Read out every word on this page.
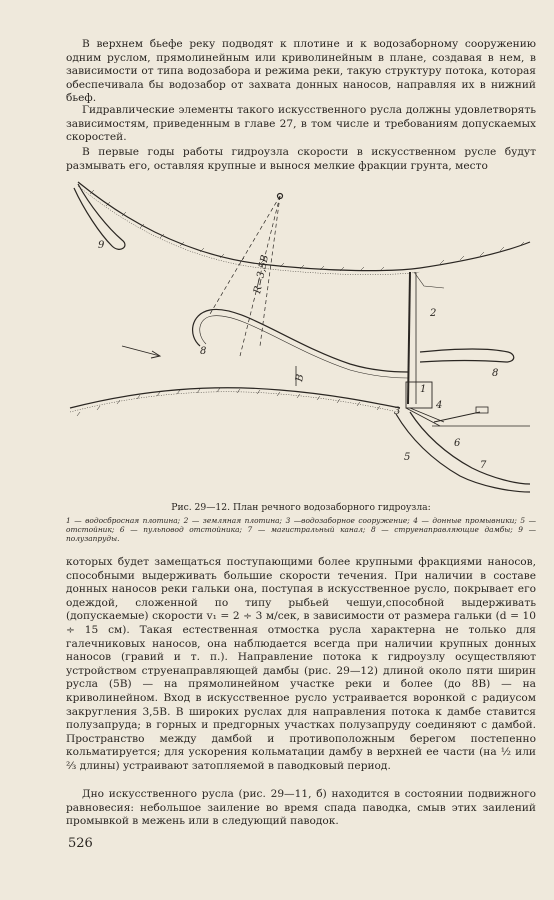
В верхнем бьефе реку подводят к плотине и к водозаборному сооружению одним руслом, прямолинейным или криволинейным в плане, создавая в нем, в зависимости от типа водозабора и режима реки, такую структуру потока, которая обеспечивала бы водозабор от захвата донных наносов, направляя их в нижний бьеф.

Гидравлические элементы такого искусственного русла должны удовлетворять зависимостям, приведенным в главе 27, в том числе и требованиям допускаемых скоростей.

В первые годы работы гидроузла скорости в искусственном русле будут размывать его, оставляя крупные и вынося мелкие фракции грунта, место

R=3,5B
B
1
2
3
4
5
6
7
8
8
9

Рис. 29—12. План речного водозаборного гидроузла:

1 — водосбросная плотина; 2 — земляная плотина; 3 —водозаборное сооружение; 4 — донные промывники; 5 —отстойник; 6 — пульповод отстойника; 7 — магистральный канал; 8 — струенаправляющие дамбы; 9 — полузапруды.

которых будет замещаться поступающими более крупными фракциями наносов, способными выдерживать большие скорости течения. При наличии в составе донных наносов реки гальки она, поступая в искусственное русло, покрывает его одеждой, сложенной по типу рыбьей чешуи,способной выдерживать (допускаемые) скорости v₁ = 2 ÷ 3 м/сек, в зависимости от размера гальки (d = 10 ÷ 15 см). Такая естественная отмостка русла характерна не только для галечниковых наносов, она наблюдается всегда при наличии крупных донных наносов (гравий и т. п.). Направление потока к гидроузлу осуществляют устройством струенаправляющей дамбы (рис. 29—12) длиной около пяти ширин русла (5B) — на прямолинейном участке реки и более (до 8B) — на криволинейном. Вход в искусственное русло устраивается воронкой с радиусом закругления 3,5B. В широких руслах для направления потока к дамбе ставится полузапруда; в горных и предгорных участках полузапруду соединяют с дамбой. Пространство между дамбой и противоположным берегом постепенно кольматируется; для ускорения кольматации дамбу в верхней ее части (на ½ или ⅔ длины) устраивают затопляемой в паводковый период.

Дно искусственного русла (рис. 29—11, б) находится в состоянии подвижного равновесия: небольшое заиление во время спада паводка, смыв этих заилений промывкой в межень или в следующий паводок.

526
